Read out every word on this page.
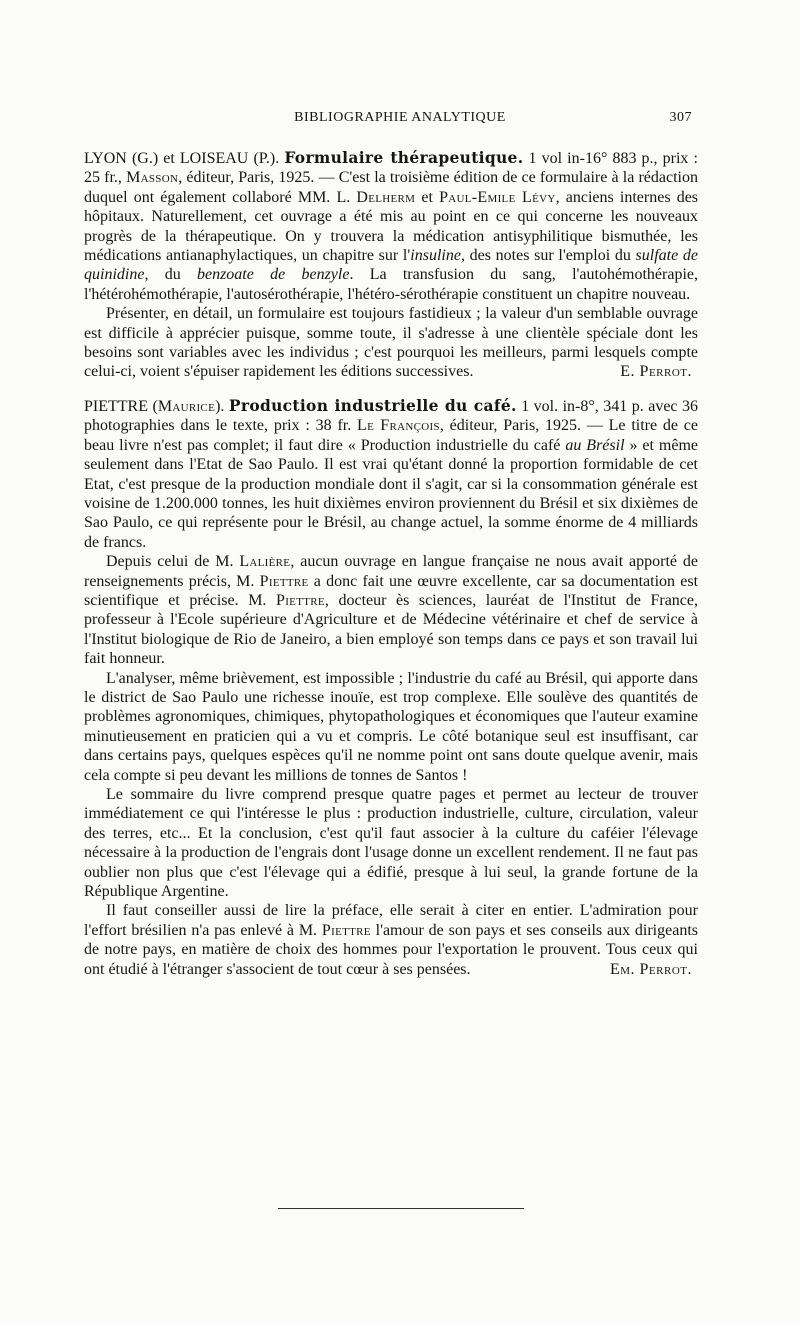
BIBLIOGRAPHIE ANALYTIQUE	307

LYON (G.) et LOISEAU (P.). Formulaire thérapeutique. 1 vol in-16° 883 p., prix : 25 fr., Masson, éditeur, Paris, 1925. — C'est la troisième édition de ce formulaire à la rédaction duquel ont également collaboré MM. L. Delherm et Paul-Emile Lévy, anciens internes des hôpitaux. Naturellement, cet ouvrage a été mis au point en ce qui concerne les nouveaux progrès de la thérapeutique. On y trouvera la médication antisyphilitique bismuthée, les médications antianaphylactiques, un chapitre sur l'insuline, des notes sur l'emploi du sulfate de quinidine, du benzoate de benzyle. La transfusion du sang, l'autohémothérapie, l'hétérohémothérapie, l'autosérothérapie, l'hétéro-sérothérapie constituent un chapitre nouveau.

Présenter, en détail, un formulaire est toujours fastidieux ; la valeur d'un semblable ouvrage est difficile à apprécier puisque, somme toute, il s'adresse à une clientèle spéciale dont les besoins sont variables avec les individus ; c'est pourquoi les meilleurs, parmi lesquels compte celui-ci, voient s'épuiser rapidement les éditions successives.	E. Perrot.

PIETTRE (Maurice). Production industrielle du café. 1 vol. in-8°, 341 p. avec 36 photographies dans le texte, prix : 38 fr. Le François, éditeur, Paris, 1925. — Le titre de ce beau livre n'est pas complet; il faut dire « Production industrielle du café au Brésil » et même seulement dans l'Etat de Sao Paulo. Il est vrai qu'étant donné la proportion formidable de cet Etat, c'est presque de la production mondiale dont il s'agit, car si la consommation générale est voisine de 1.200.000 tonnes, les huit dixièmes environ proviennent du Brésil et six dixièmes de Sao Paulo, ce qui représente pour le Brésil, au change actuel, la somme énorme de 4 milliards de francs.

Depuis celui de M. Lalière, aucun ouvrage en langue française ne nous avait apporté de renseignements précis, M. Piettre a donc fait une œuvre excellente, car sa documentation est scientifique et précise. M. Piettre, docteur ès sciences, lauréat de l'Institut de France, professeur à l'Ecole supérieure d'Agriculture et de Médecine vétérinaire et chef de service à l'Institut biologique de Rio de Janeiro, a bien employé son temps dans ce pays et son travail lui fait honneur.

L'analyser, même brièvement, est impossible ; l'industrie du café au Brésil, qui apporte dans le district de Sao Paulo une richesse inouïe, est trop complexe. Elle soulève des quantités de problèmes agronomiques, chimiques, phytopathologiques et économiques que l'auteur examine minutieusement en praticien qui a vu et compris. Le côté botanique seul est insuffisant, car dans certains pays, quelques espèces qu'il ne nomme point ont sans doute quelque avenir, mais cela compte si peu devant les millions de tonnes de Santos !

Le sommaire du livre comprend presque quatre pages et permet au lecteur de trouver immédiatement ce qui l'intéresse le plus : production industrielle, culture, circulation, valeur des terres, etc... Et la conclusion, c'est qu'il faut associer à la culture du caféier l'élevage nécessaire à la production de l'engrais dont l'usage donne un excellent rendement. Il ne faut pas oublier non plus que c'est l'élevage qui a édifié, presque à lui seul, la grande fortune de la République Argentine.

Il faut conseiller aussi de lire la préface, elle serait à citer en entier. L'admiration pour l'effort brésilien n'a pas enlevé à M. Piettre l'amour de son pays et ses conseils aux dirigeants de notre pays, en matière de choix des hommes pour l'exportation le prouvent. Tous ceux qui ont étudié à l'étranger s'associent de tout cœur à ses pensées.	Em. Perrot.
